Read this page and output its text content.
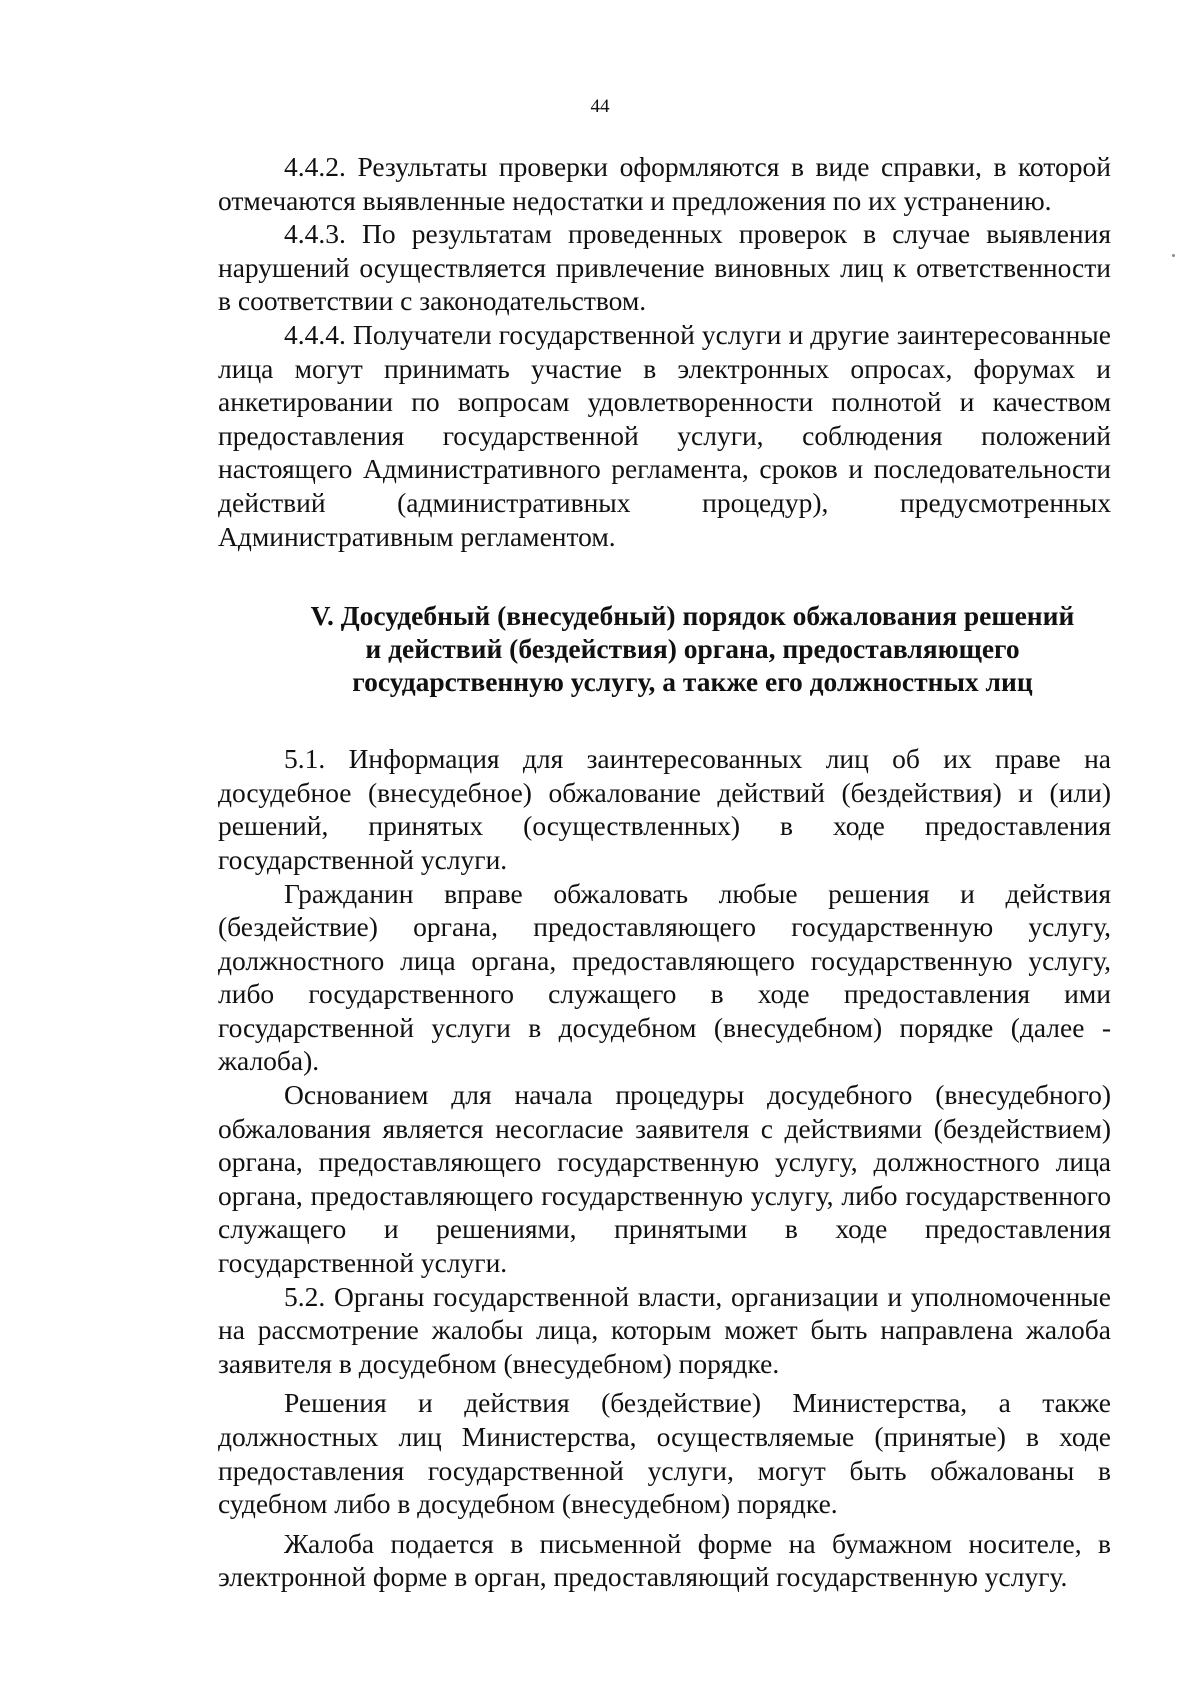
44

4.4.2. Результаты проверки оформляются в виде справки, в которой отмечаются выявленные недостатки и предложения по их устранению.

4.4.3. По результатам проведенных проверок в случае выявления нарушений осуществляется привлечение виновных лиц к ответственности в соответствии с законодательством.

4.4.4. Получатели государственной услуги и другие заинтересованные лица могут принимать участие в электронных опросах, форумах и анкетировании по вопросам удовлетворенности полнотой и качеством предоставления государственной услуги, соблюдения положений настоящего Административного регламента, сроков и последовательности действий (административных процедур), предусмотренных Административным регламентом.

V. Досудебный (внесудебный) порядок обжалования решений
и действий (бездействия) органа, предоставляющего
государственную услугу, а также его должностных лиц

5.1. Информация для заинтересованных лиц об их праве на досудебное (внесудебное) обжалование действий (бездействия) и (или) решений, принятых (осуществленных) в ходе предоставления государственной услуги.

Гражданин вправе обжаловать любые решения и действия (бездействие) органа, предоставляющего государственную услугу, должностного лица органа, предоставляющего государственную услугу, либо государственного служащего в ходе предоставления ими государственной услуги в досудебном (внесудебном) порядке (далее - жалоба).

Основанием для начала процедуры досудебного (внесудебного) обжалования является несогласие заявителя с действиями (бездействием) органа, предоставляющего государственную услугу, должностного лица органа, предоставляющего государственную услугу, либо государственного служащего и решениями, принятыми в ходе предоставления государственной услуги.

5.2. Органы государственной власти, организации и уполномоченные на рассмотрение жалобы лица, которым может быть направлена жалоба заявителя в досудебном (внесудебном) порядке.

Решения и действия (бездействие) Министерства, а также должностных лиц Министерства, осуществляемые (принятые) в ходе предоставления государственной услуги, могут быть обжалованы в судебном либо в досудебном (внесудебном) порядке.

Жалоба подается в письменной форме на бумажном носителе, в электронной форме в орган, предоставляющий государственную услугу.
